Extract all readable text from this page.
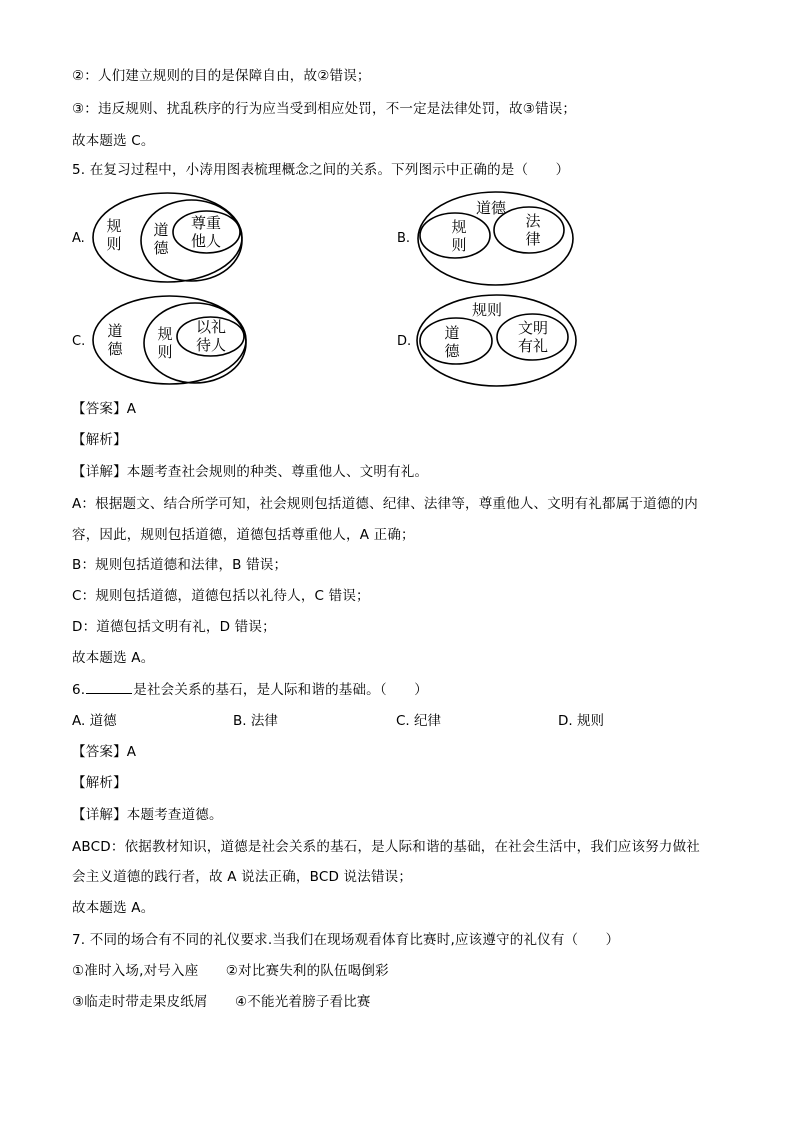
②：人们建立规则的目的是保障自由，故②错误；
③：违反规则、扰乱秩序的行为应当受到相应处罚，不一定是法律处罚，故③错误；
故本题选 C。
5. 在复习过程中，小涛用图表梳理概念之间的关系。下列图示中正确的是（　　）
A.
规
则
道
德
尊重
他人	B.
道德
规
则
法
律
C.
道
德
规
则
以礼
待人	D.
规则
道
德
文明
有礼
【答案】A
【解析】
【详解】本题考查社会规则的种类、尊重他人、文明有礼。
A：根据题文、结合所学可知，社会规则包括道德、纪律、法律等，尊重他人、文明有礼都属于道德的内
容，因此，规则包括道德，道德包括尊重他人，A 正确；
B：规则包括道德和法律，B 错误；
C：规则包括道德，道德包括以礼待人，C 错误；
D：道德包括文明有礼，D 错误；
故本题选 A。
6.	是社会关系的基石，是人际和谐的基础。（　　）
A. 道德	B. 法律	C. 纪律	D. 规则
【答案】A
【解析】
【详解】本题考查道德。
ABCD：依据教材知识，道德是社会关系的基石，是人际和谐的基础，在社会生活中，我们应该努力做社
会主义道德的践行者，故 A 说法正确，BCD 说法错误；
故本题选 A。
7. 不同的场合有不同的礼仪要求.当我们在现场观看体育比赛时,应该遵守的礼仪有（　　）
①准时入场,对号入座　　②对比赛失利的队伍喝倒彩
③临走时带走果皮纸屑　　④不能光着膀子看比赛
